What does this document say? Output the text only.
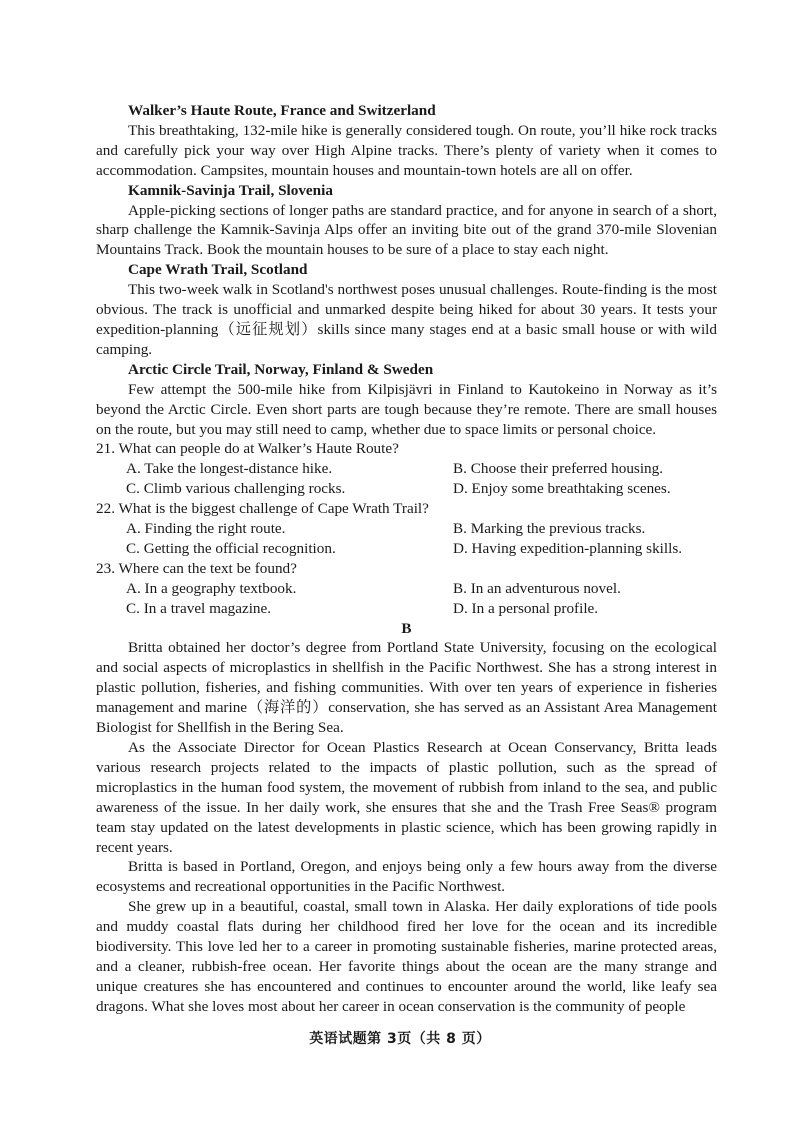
Walker’s Haute Route, France and Switzerland

This breathtaking, 132-mile hike is generally considered tough. On route, you’ll hike rock tracks and carefully pick your way over High Alpine tracks. There’s plenty of variety when it comes to accommodation. Campsites, mountain houses and mountain-town hotels are all on offer.

Kamnik-Savinja Trail, Slovenia

Apple-picking sections of longer paths are standard practice, and for anyone in search of a short, sharp challenge the Kamnik-Savinja Alps offer an inviting bite out of the grand 370-mile Slovenian Mountains Track. Book the mountain houses to be sure of a place to stay each night.

Cape Wrath Trail, Scotland

This two-week walk in Scotland's northwest poses unusual challenges. Route-finding is the most obvious. The track is unofficial and unmarked despite being hiked for about 30 years. It tests your expedition-planning（远征规划）skills since many stages end at a basic small house or with wild camping.

Arctic Circle Trail, Norway, Finland & Sweden

Few attempt the 500-mile hike from Kilpisjävri in Finland to Kautokeino in Norway as it’s beyond the Arctic Circle. Even short parts are tough because they’re remote. There are small houses on the route, but you may still need to camp, whether due to space limits or personal choice.

21. What can people do at Walker’s Haute Route?

A. Take the longest-distance hike.	B. Choose their preferred housing.
C. Climb various challenging rocks.	D. Enjoy some breathtaking scenes.

22. What is the biggest challenge of Cape Wrath Trail?

A. Finding the right route.	B. Marking the previous tracks.
C. Getting the official recognition.	D. Having expedition-planning skills.

23. Where can the text be found?

A. In a geography textbook.	B. In an adventurous novel.
C. In a travel magazine.	D. In a personal profile.

B

Britta obtained her doctor’s degree from Portland State University, focusing on the ecological and social aspects of microplastics in shellfish in the Pacific Northwest. She has a strong interest in plastic pollution, fisheries, and fishing communities. With over ten years of experience in fisheries management and marine（海洋的）conservation, she has served as an Assistant Area Management Biologist for Shellfish in the Bering Sea.

As the Associate Director for Ocean Plastics Research at Ocean Conservancy, Britta leads various research projects related to the impacts of plastic pollution, such as the spread of microplastics in the human food system, the movement of rubbish from inland to the sea, and public awareness of the issue. In her daily work, she ensures that she and the Trash Free Seas® program team stay updated on the latest developments in plastic science, which has been growing rapidly in recent years.

Britta is based in Portland, Oregon, and enjoys being only a few hours away from the diverse ecosystems and recreational opportunities in the Pacific Northwest.

She grew up in a beautiful, coastal, small town in Alaska. Her daily explorations of tide pools and muddy coastal flats during her childhood fired her love for the ocean and its incredible biodiversity. This love led her to a career in promoting sustainable fisheries, marine protected areas, and a cleaner, rubbish-free ocean. Her favorite things about the ocean are the many strange and unique creatures she has encountered and continues to encounter around the world, like leafy sea dragons. What she loves most about her career in ocean conservation is the community of people

英语试题第 3页（共 8 页）
